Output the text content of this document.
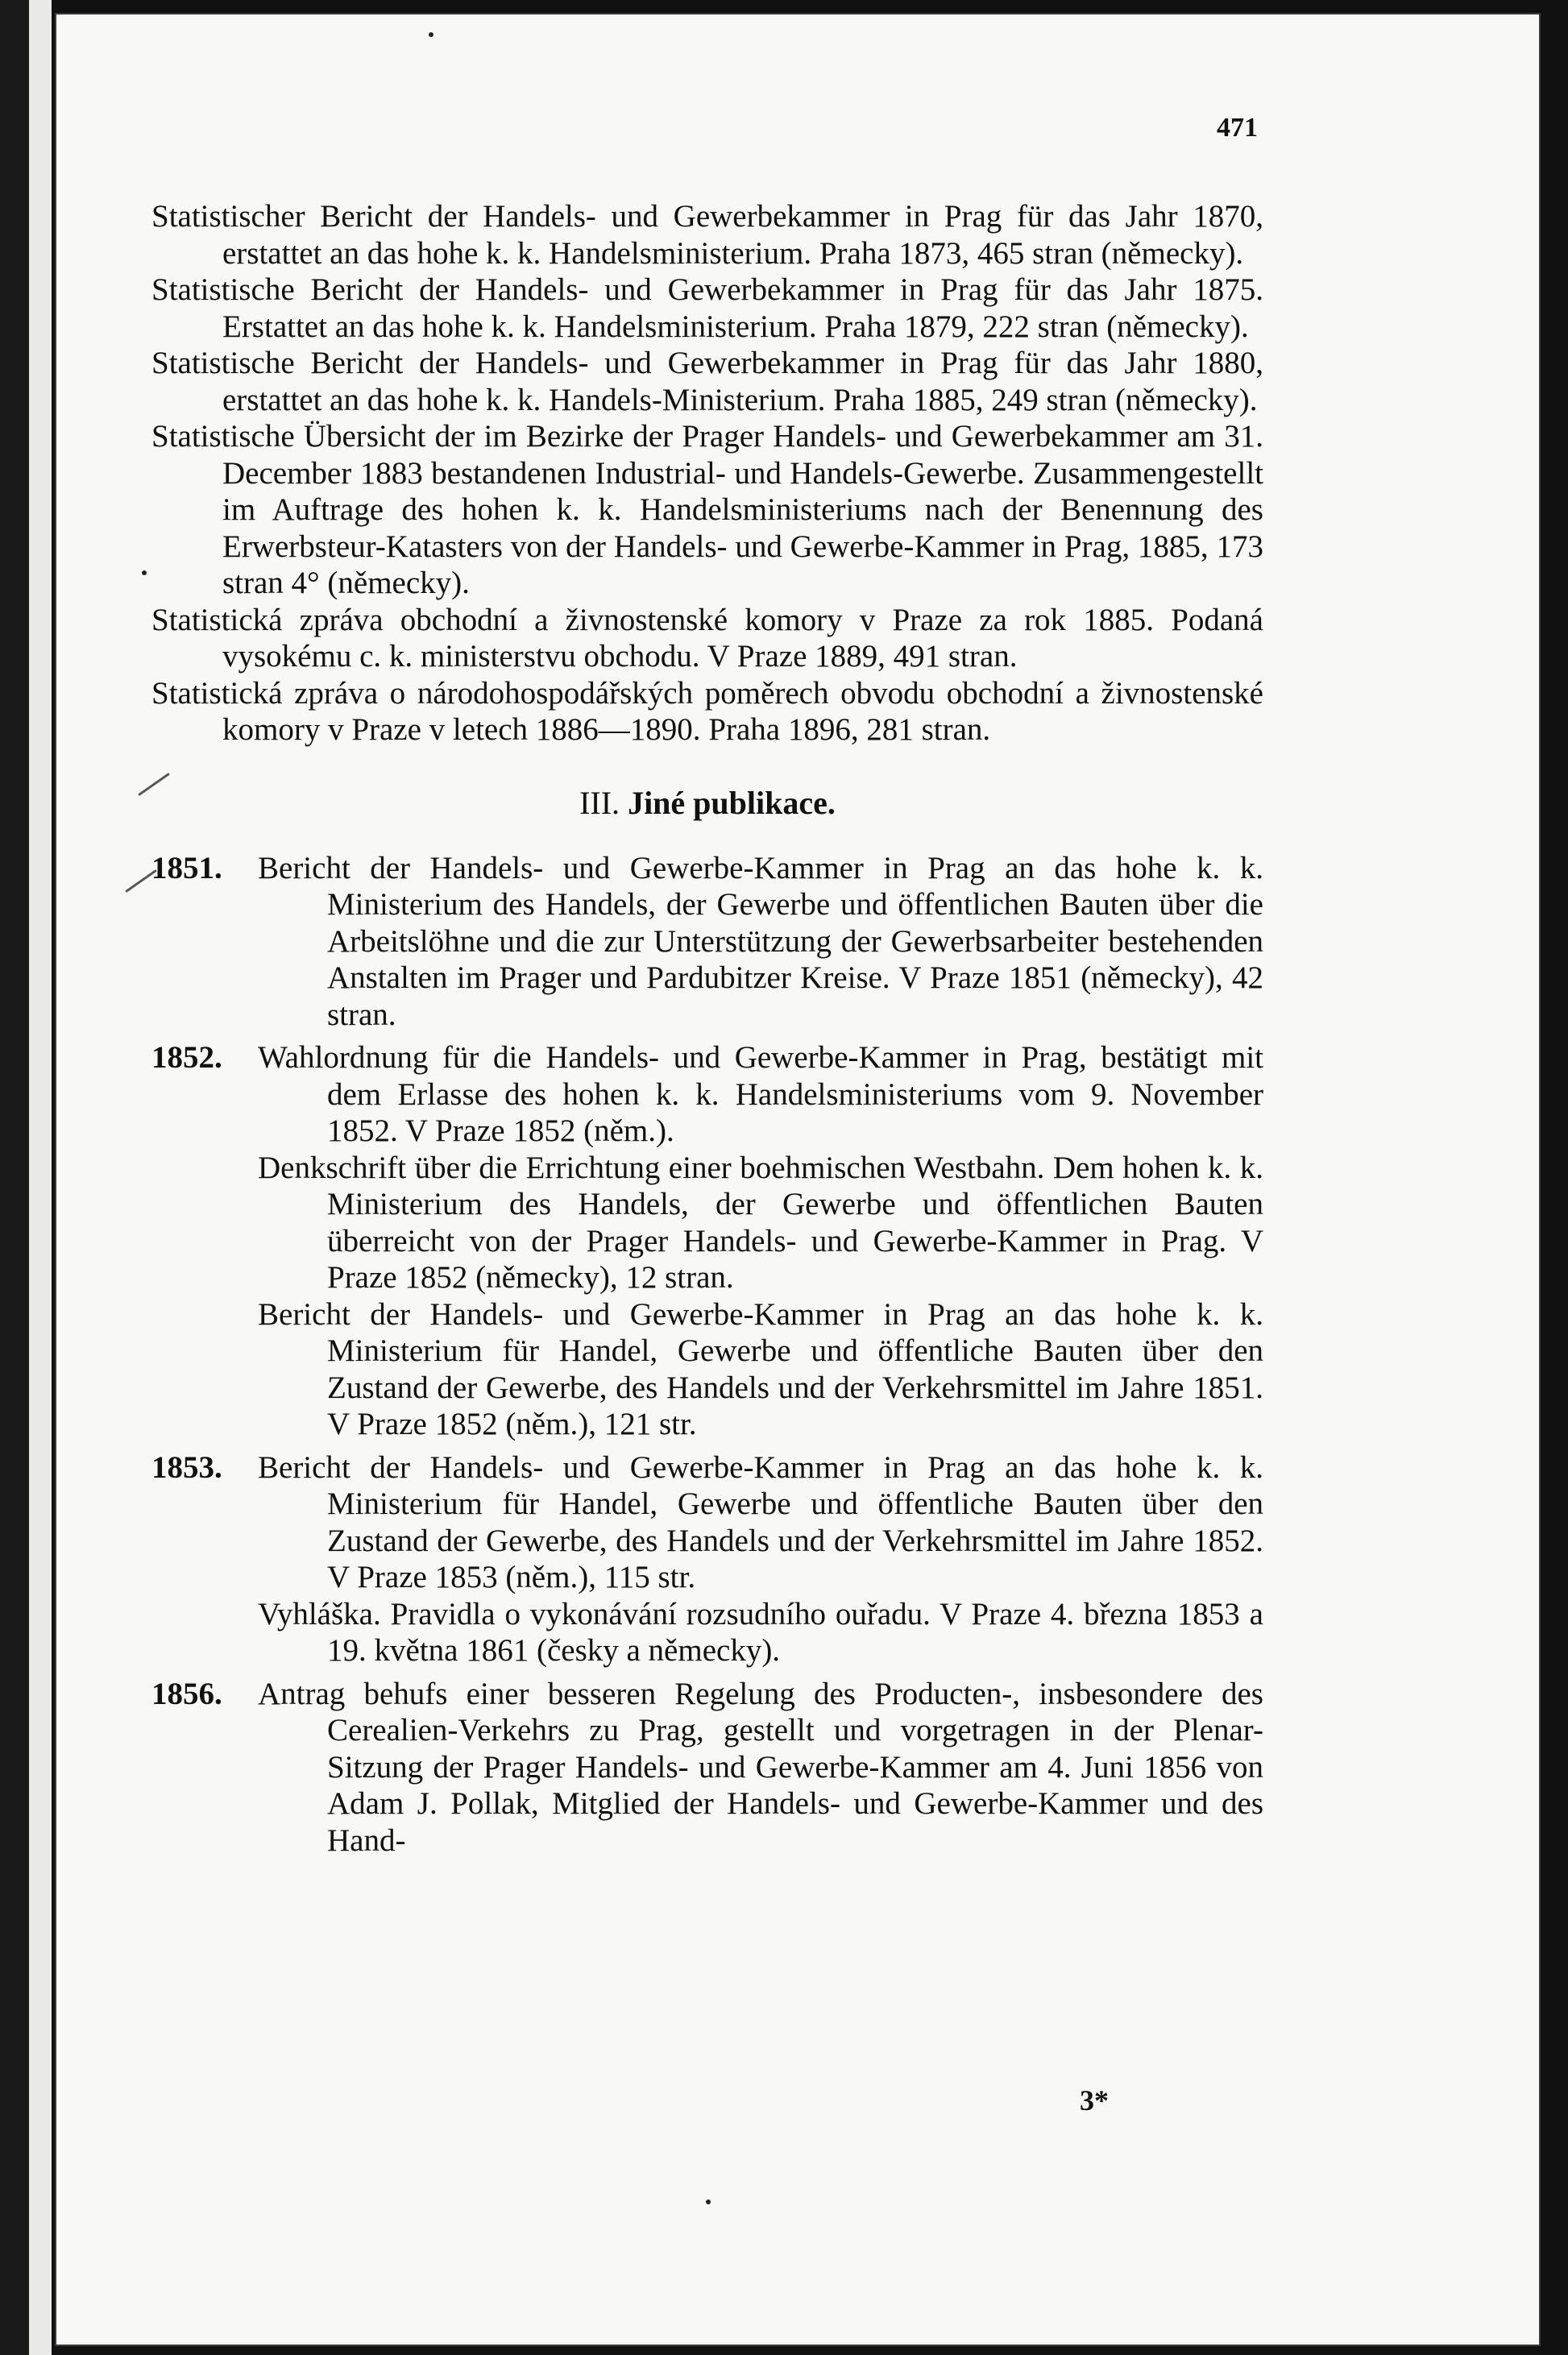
471

Statistischer Bericht der Handels- und Gewerbekammer in Prag für das Jahr 1870, erstattet an das hohe k. k. Handelsministerium. Praha 1873, 465 stran (německy).

Statistische Bericht der Handels- und Gewerbekammer in Prag für das Jahr 1875. Erstattet an das hohe k. k. Handelsministerium. Praha 1879, 222 stran (německy).

Statistische Bericht der Handels- und Gewerbekammer in Prag für das Jahr 1880, erstattet an das hohe k. k. Handels-Ministerium. Praha 1885, 249 stran (německy).

Statistische Übersicht der im Bezirke der Prager Handels- und Gewerbekammer am 31. December 1883 bestandenen Industrial- und Handels-Gewerbe. Zusammengestellt im Auftrage des hohen k. k. Handelsministeriums nach der Benennung des Erwerbsteur-Katasters von der Handels- und Gewerbe-Kammer in Prag, 1885, 173 stran 4° (německy).

Statistická zpráva obchodní a živnostenské komory v Praze za rok 1885. Podaná vysokému c. k. ministerstvu obchodu. V Praze 1889, 491 stran.

Statistická zpráva o národohospodářských poměrech obvodu obchodní a živnostenské komory v Praze v letech 1886—1890. Praha 1896, 281 stran.

III. Jiné publikace.
1851.	Bericht der Handels- und Gewerbe-Kammer in Prag an das hohe k. k. Ministerium des Handels, der Gewerbe und öffentlichen Bauten über die Arbeitslöhne und die zur Unterstützung der Gewerbsarbeiter bestehenden Anstalten im Prager und Pardubitzer Kreise. V Praze 1851 (německy), 42 stran.

1852.	Wahlordnung für die Handels- und Gewerbe-Kammer in Prag, bestätigt mit dem Erlasse des hohen k. k. Handelsministeriums vom 9. November 1852. V Praze 1852 (něm.).

Denkschrift über die Errichtung einer boehmischen Westbahn. Dem hohen k. k. Ministerium des Handels, der Gewerbe und öffentlichen Bauten überreicht von der Prager Handels- und Gewerbe-Kammer in Prag. V Praze 1852 (německy), 12 stran.

Bericht der Handels- und Gewerbe-Kammer in Prag an das hohe k. k. Ministerium für Handel, Gewerbe und öffentliche Bauten über den Zustand der Gewerbe, des Handels und der Verkehrsmittel im Jahre 1851. V Praze 1852 (něm.), 121 str.

1853.	Bericht der Handels- und Gewerbe-Kammer in Prag an das hohe k. k. Ministerium für Handel, Gewerbe und öffentliche Bauten über den Zustand der Gewerbe, des Handels und der Verkehrsmittel im Jahre 1852. V Praze 1853 (něm.), 115 str.

Vyhláška. Pravidla o vykonávání rozsudního ouřadu. V Praze 4. března 1853 a 19. května 1861 (česky a německy).

1856.	Antrag behufs einer besseren Regelung des Producten-, insbesondere des Cerealien-Verkehrs zu Prag, gestellt und vorgetragen in der Plenar-Sitzung der Prager Handels- und Gewerbe-Kammer am 4. Juni 1856 von Adam J. Pollak, Mitglied der Handels- und Gewerbe-Kammer und des Hand-

3*
